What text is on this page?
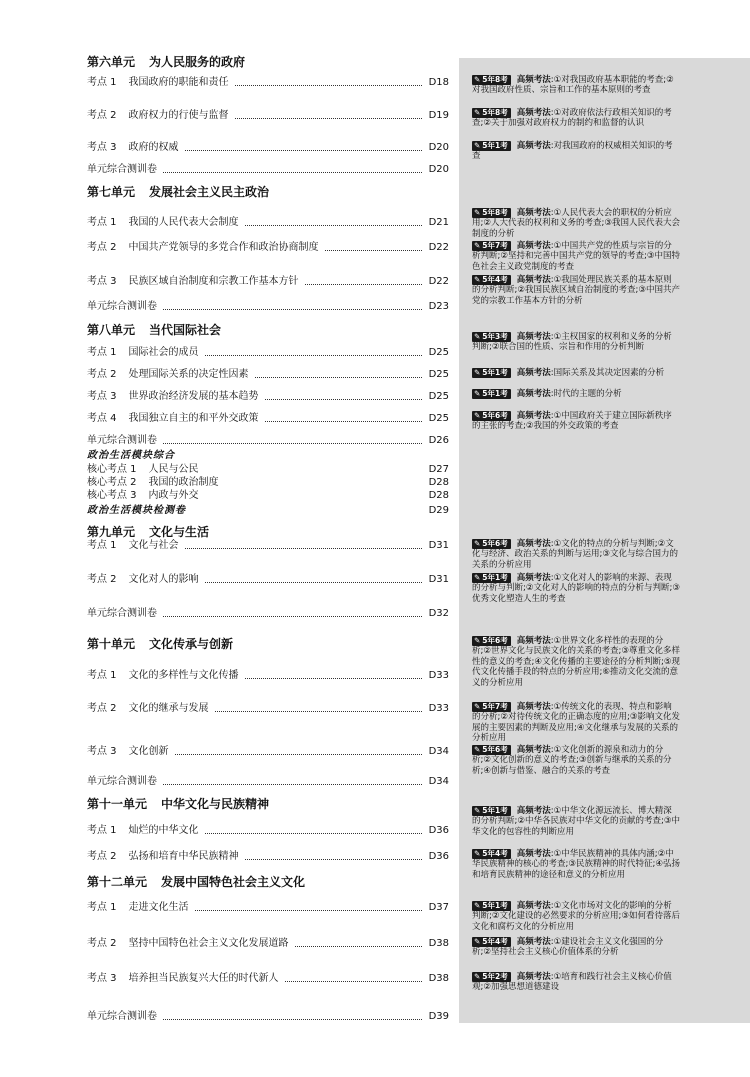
第六单元 为人民服务的政府
考点 1 我国政府的职能和责任	D18
考点 2 政府权力的行使与监督	D19
考点 3 政府的权威	D20
单元综合测训卷	D20
第七单元 发展社会主义民主政治
考点 1 我国的人民代表大会制度	D21
考点 2 中国共产党领导的多党合作和政治协商制度	D22
考点 3 民族区域自治制度和宗教工作基本方针	D22
单元综合测训卷	D23
第八单元 当代国际社会
考点 1 国际社会的成员	D25
考点 2 处理国际关系的决定性因素	D25
考点 3 世界政治经济发展的基本趋势	D25
考点 4 我国独立自主的和平外交政策	D25
单元综合测训卷	D26
第九单元 文化与生活
考点 1 文化与社会	D31
考点 2 文化对人的影响	D31
单元综合测训卷	D32
第十单元 文化传承与创新
考点 1 文化的多样性与文化传播	D33
考点 2 文化的继承与发展	D33
考点 3 文化创新	D34
单元综合测训卷	D34
第十一单元 中华文化与民族精神
考点 1 灿烂的中华文化	D36
考点 2 弘扬和培育中华民族精神	D36
第十二单元 发展中国特色社会主义文化
考点 1 走进文化生活	D37
考点 2 坚持中国特色社会主义文化发展道路	D38
考点 3 培养担当民族复兴大任的时代新人	D38
单元综合测训卷	D39
政治生活模块综合
核心考点 1 人民与公民	D27
核心考点 2 我国的政治制度	D28
核心考点 3 内政与外交	D28
政治生活模块检测卷	D29
✎ 5年8考 高频考法:①对我国政府基本职能的考查;②对我国政府性质、宗旨和工作的基本原则的考查
✎ 5年8考 高频考法:①对政府依法行政相关知识的考查;②关于加强对政府权力的制约和监督的认识
✎ 5年1考 高频考法:对我国政府的权威相关知识的考查
✎ 5年8考 高频考法:①人民代表大会的职权的分析应用;②人大代表的权利和义务的考查;③我国人民代表大会制度的分析
✎ 5年7考 高频考法:①中国共产党的性质与宗旨的分析判断;②坚持和完善中国共产党的领导的考查;③中国特色社会主义政党制度的考查
✎ 5年4考 高频考法:①我国处理民族关系的基本原则的分析判断;②我国民族区域自治制度的考查;③中国共产党的宗教工作基本方针的分析
✎ 5年3考 高频考法:①主权国家的权利和义务的分析判断;②联合国的性质、宗旨和作用的分析判断
✎ 5年1考 高频考法:国际关系及其决定因素的分析
✎ 5年1考 高频考法:时代的主题的分析
✎ 5年6考 高频考法:①中国政府关于建立国际新秩序的主张的考查;②我国的外交政策的考查
✎ 5年6考 高频考法:①文化的特点的分析与判断;②文化与经济、政治关系的判断与运用;③文化与综合国力的关系的分析应用
✎ 5年1考 高频考法:①文化对人的影响的来源、表现的分析与判断;②文化对人的影响的特点的分析与判断;③优秀文化塑造人生的考查
✎ 5年6考 高频考法:①世界文化多样性的表现的分析;②世界文化与民族文化的关系的考查;③尊重文化多样性的意义的考查;④文化传播的主要途径的分析判断;⑤现代文化传播手段的特点的分析应用;⑥推动文化交流的意义的分析应用
✎ 5年7考 高频考法:①传统文化的表现、特点和影响的分析;②对待传统文化的正确态度的应用;③影响文化发展的主要因素的判断及应用;④文化继承与发展的关系的分析应用
✎ 5年6考 高频考法:①文化创新的源泉和动力的分析;②文化创新的意义的考查;③创新与继承的关系的分析;④创新与借鉴、融合的关系的考查
✎ 5年1考 高频考法:①中华文化源远流长、博大精深的分析判断;②中华各民族对中华文化的贡献的考查;③中华文化的包容性的判断应用
✎ 5年4考 高频考法:①中华民族精神的具体内涵;②中华民族精神的核心的考查;③民族精神的时代特征;④弘扬和培育民族精神的途径和意义的分析应用
✎ 5年1考 高频考法:①文化市场对文化的影响的分析判断;②文化建设的必然要求的分析应用;③如何看待落后文化和腐朽文化的分析应用
✎ 5年4考 高频考法:①建设社会主义文化强国的分析;②坚持社会主义核心价值体系的分析
✎ 5年2考 高频考法:①培育和践行社会主义核心价值观;②加强思想道德建设
